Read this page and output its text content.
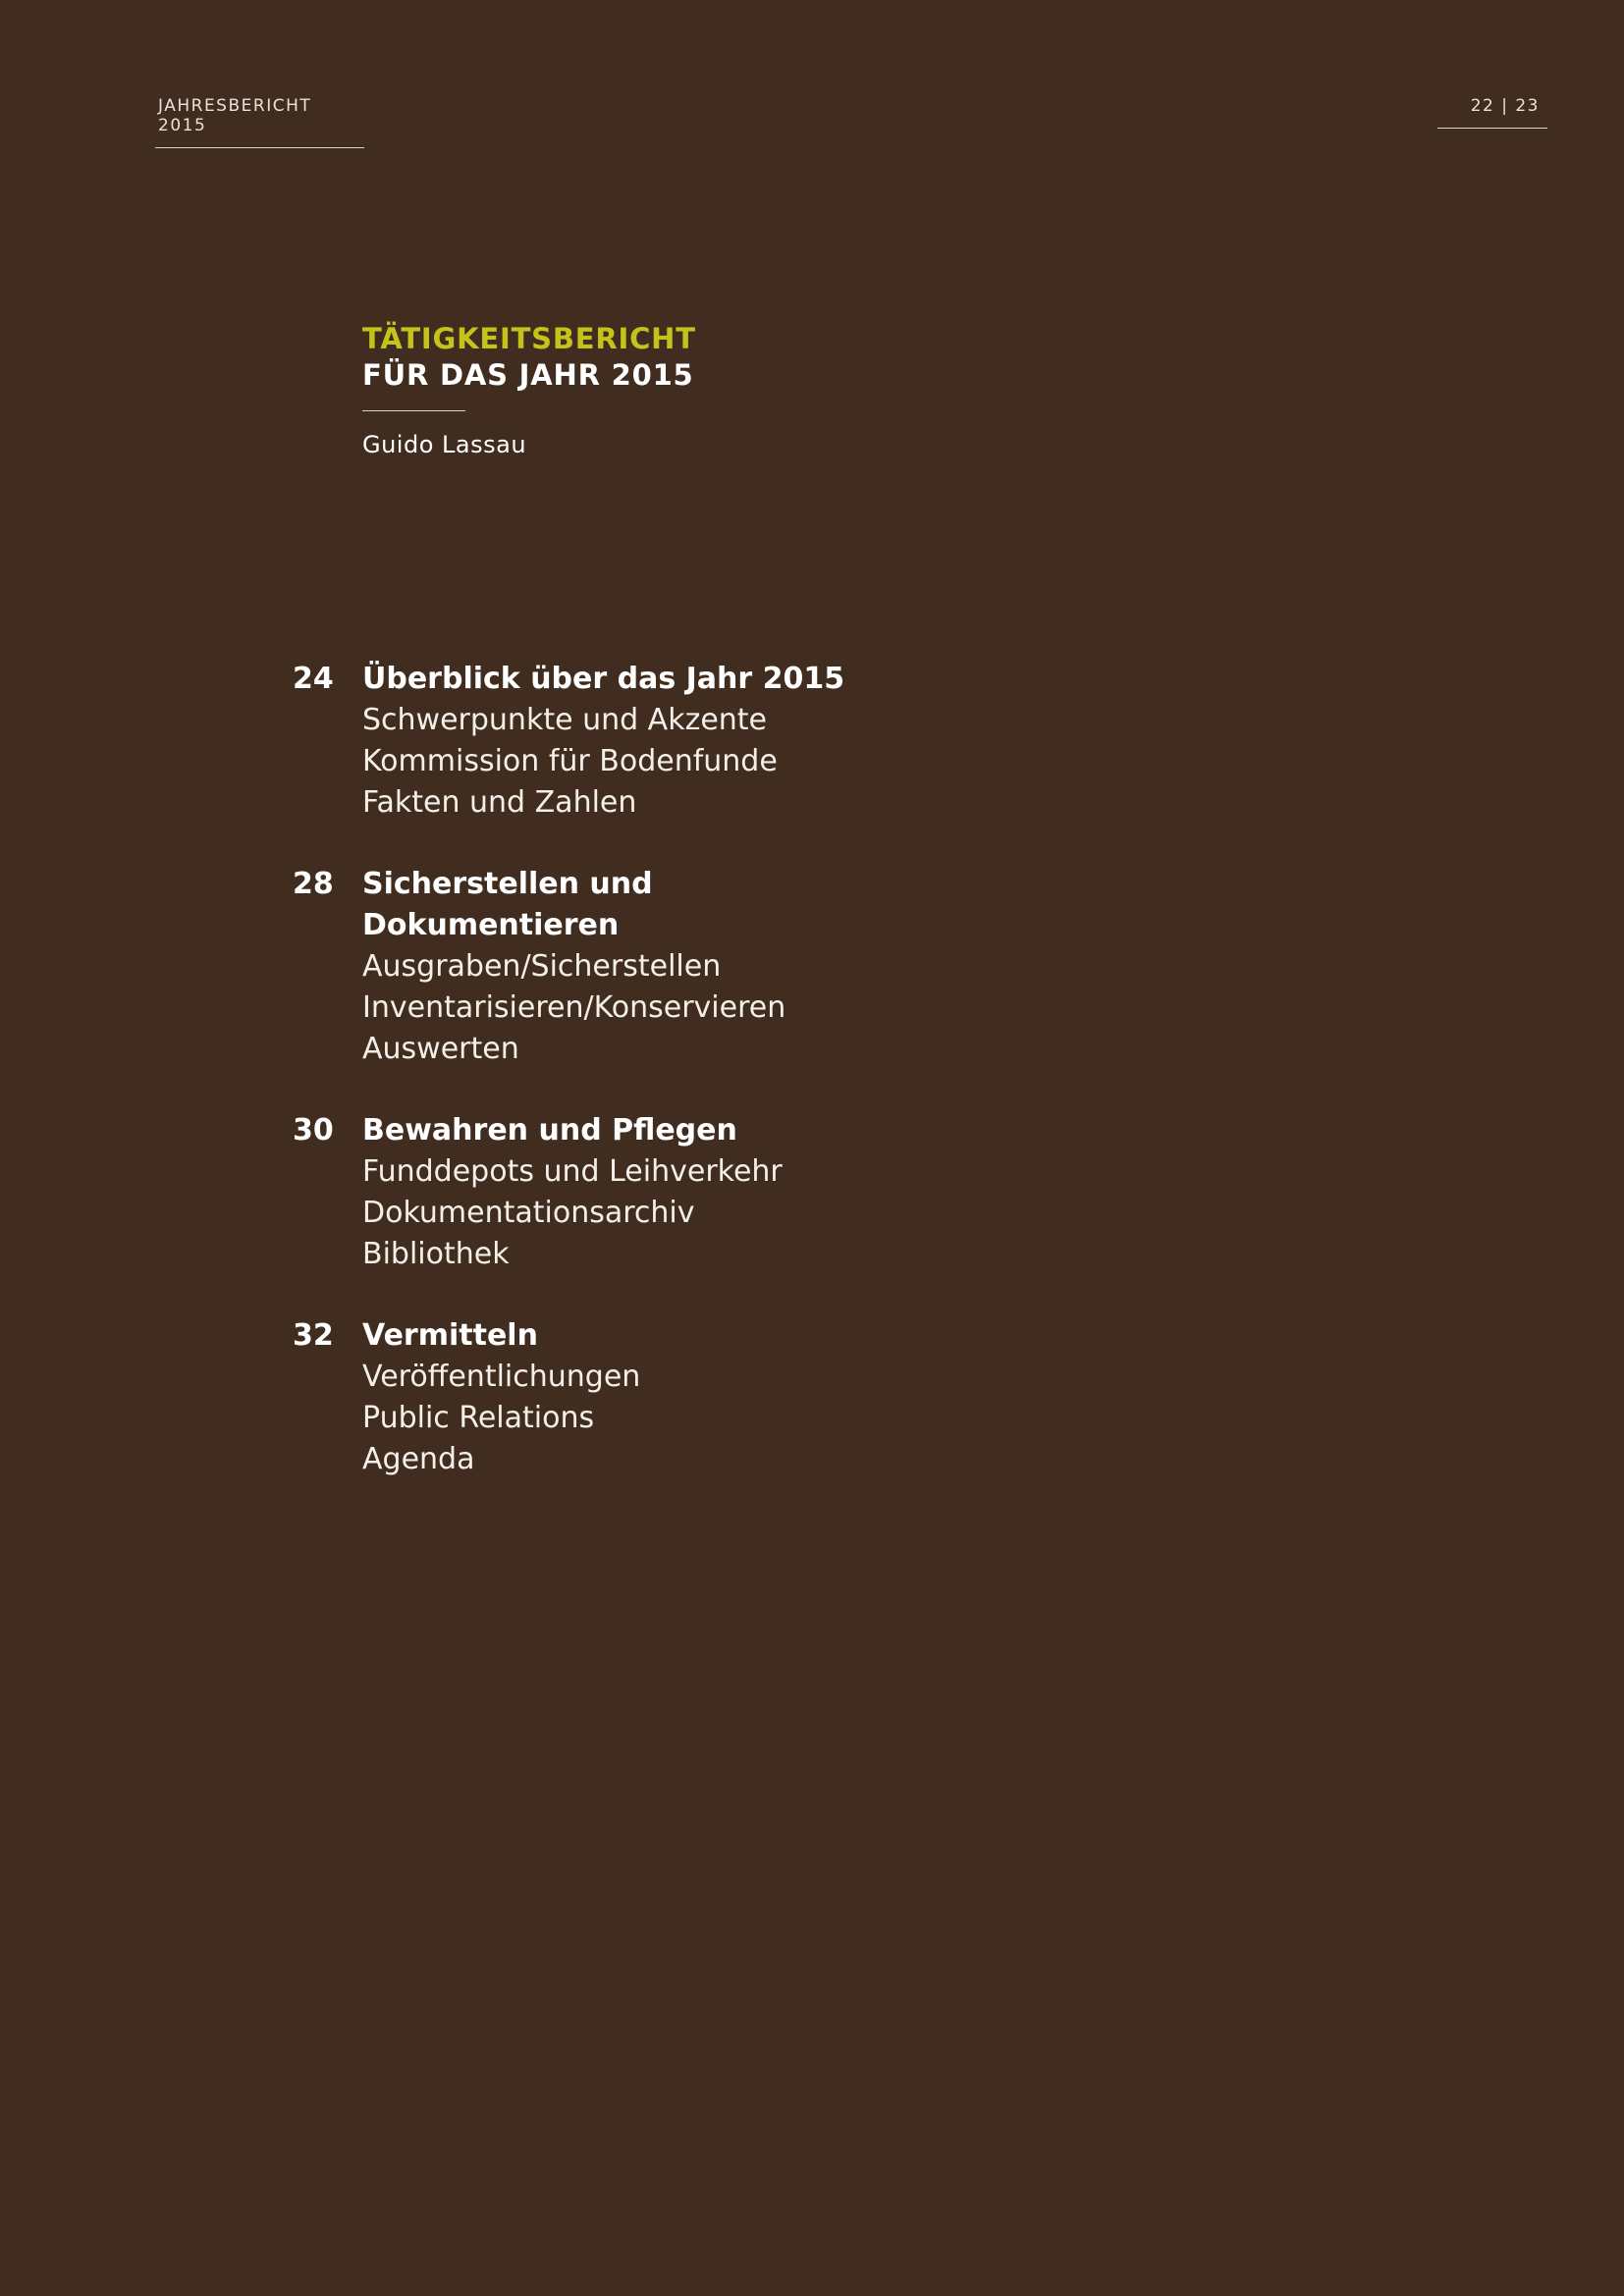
JAHRESBERICHT 2015
22 | 23
TÄTIGKEITSBERICHT
FÜR DAS JAHR 2015
Guido Lassau
24 Überblick über das Jahr 2015
Schwerpunkte und Akzente
Kommission für Bodenfunde
Fakten und Zahlen
28 Sicherstellen und
Dokumentieren
Ausgraben/Sicherstellen
Inventarisieren/Konservieren
Auswerten
30 Bewahren und Pflegen
Funddepots und Leihverkehr
Dokumentationsarchiv
Bibliothek
32 Vermitteln
Veröffentlichungen
Public Relations
Agenda
